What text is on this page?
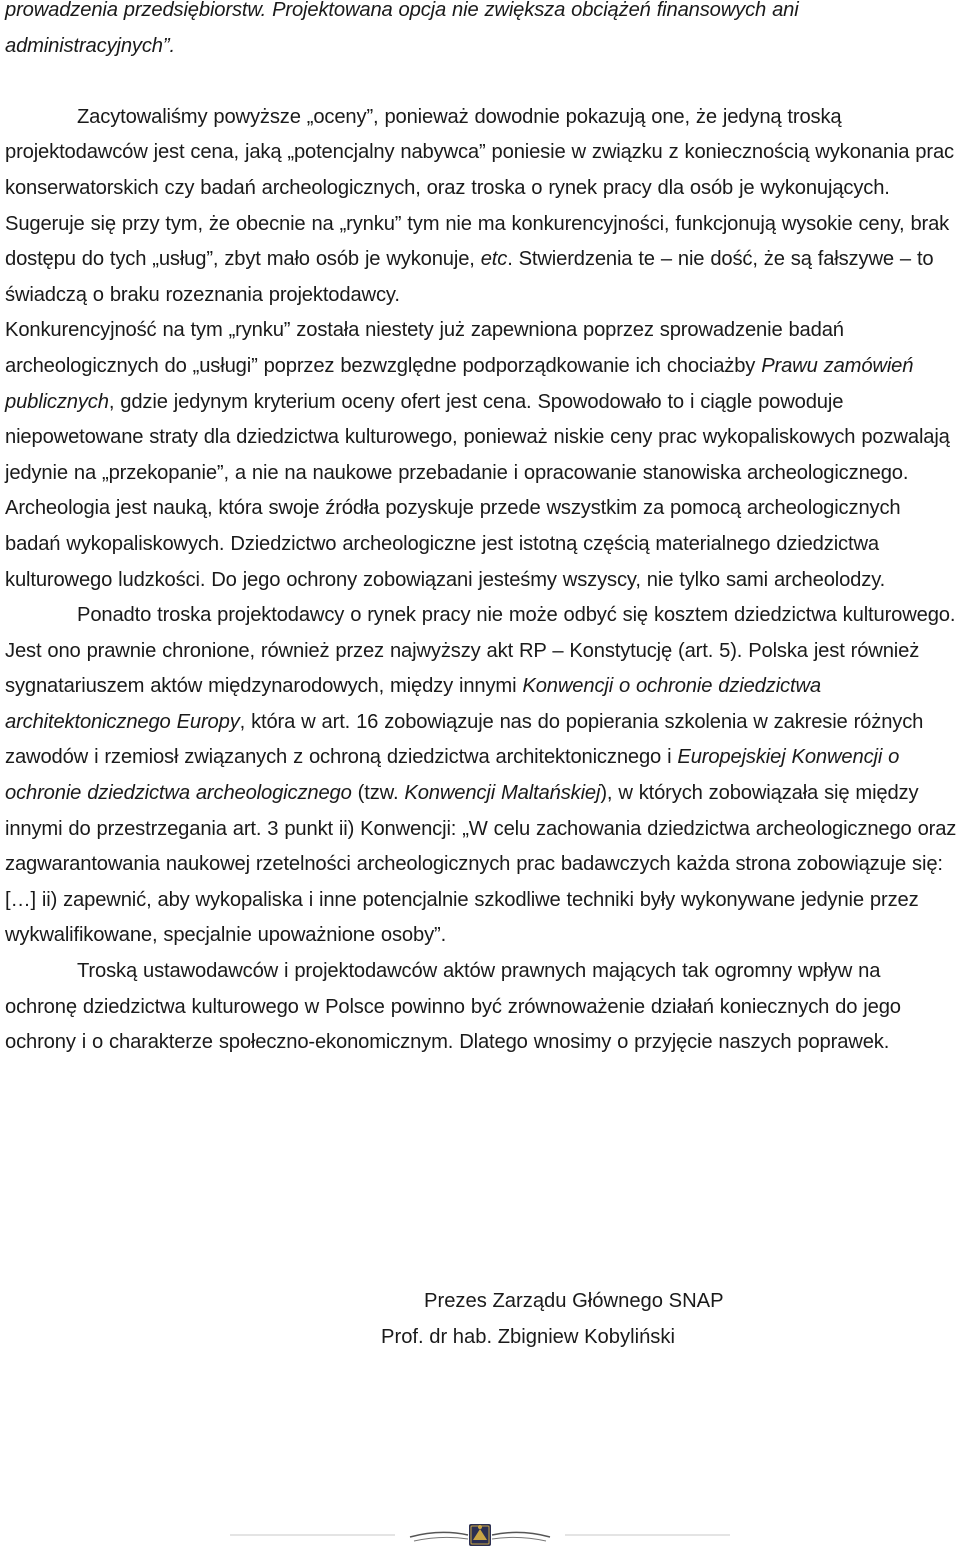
prowadzenia przedsiębiorstw. Projektowana opcja nie zwiększa obciążeń finansowych ani administracyjnych”.

Zacytowaliśmy powyższe „oceny”, ponieważ dowodnie pokazują one, że jedyną troską projektodawców jest cena, jaką „potencjalny nabywca” poniesie w związku z koniecznością wykonania prac konserwatorskich czy badań archeologicznych, oraz troska o rynek pracy dla osób je wykonujących. Sugeruje się przy tym, że obecnie na „rynku” tym nie ma konkurencyjności, funkcjonują wysokie ceny, brak dostępu do tych „usług”, zbyt mało osób je wykonuje, etc. Stwierdzenia te – nie dość, że są fałszywe – to świadczą o braku rozeznania projektodawcy.

Konkurencyjność na tym „rynku” została niestety już zapewniona poprzez sprowadzenie badań archeologicznych do „usługi” poprzez bezwzględne podporządkowanie ich chociażby Prawu zamówień publicznych, gdzie jedynym kryterium oceny ofert jest cena. Spowodowało to i ciągle powoduje niepowetowane straty dla dziedzictwa kulturowego, ponieważ niskie ceny prac wykopaliskowych pozwalają jedynie na „przekopanie”, a nie na naukowe przebadanie i opracowanie stanowiska archeologicznego. Archeologia jest nauką, która swoje źródła pozyskuje przede wszystkim za pomocą archeologicznych badań wykopaliskowych. Dziedzictwo archeologiczne jest istotną częścią materialnego dziedzictwa kulturowego ludzkości. Do jego ochrony zobowiązani jesteśmy wszyscy, nie tylko sami archeolodzy.

Ponadto troska projektodawcy o rynek pracy nie może odbyć się kosztem dziedzictwa kulturowego. Jest ono prawnie chronione, również przez najwyższy akt RP – Konstytucję (art. 5). Polska jest również sygnatariuszem aktów międzynarodowych, między innymi Konwencji o ochronie dziedzictwa architektonicznego Europy, która w art. 16 zobowiązuje nas do popierania szkolenia w zakresie różnych zawodów i rzemiosł związanych z ochroną dziedzictwa architektonicznego i Europejskiej Konwencji o ochronie dziedzictwa archeologicznego (tzw. Konwencji Maltańskiej), w których zobowiązała się między innymi do przestrzegania art. 3 punkt ii) Konwencji: „W celu zachowania dziedzictwa archeologicznego oraz zagwarantowania naukowej rzetelności archeologicznych prac badawczych każda strona zobowiązuje się: […] ii) zapewnić, aby wykopaliska i inne potencjalnie szkodliwe techniki były wykonywane jedynie przez wykwalifikowane, specjalnie upoważnione osoby”.

Troską ustawodawców i projektodawców aktów prawnych mających tak ogromny wpływ na ochronę dziedzictwa kulturowego w Polsce powinno być zrównoważenie działań koniecznych do jego ochrony i o charakterze społeczno-ekonomicznym. Dlatego wnosimy o przyjęcie naszych poprawek.

Prezes Zarządu Głównego SNAP
Prof. dr hab. Zbigniew Kobyliński
